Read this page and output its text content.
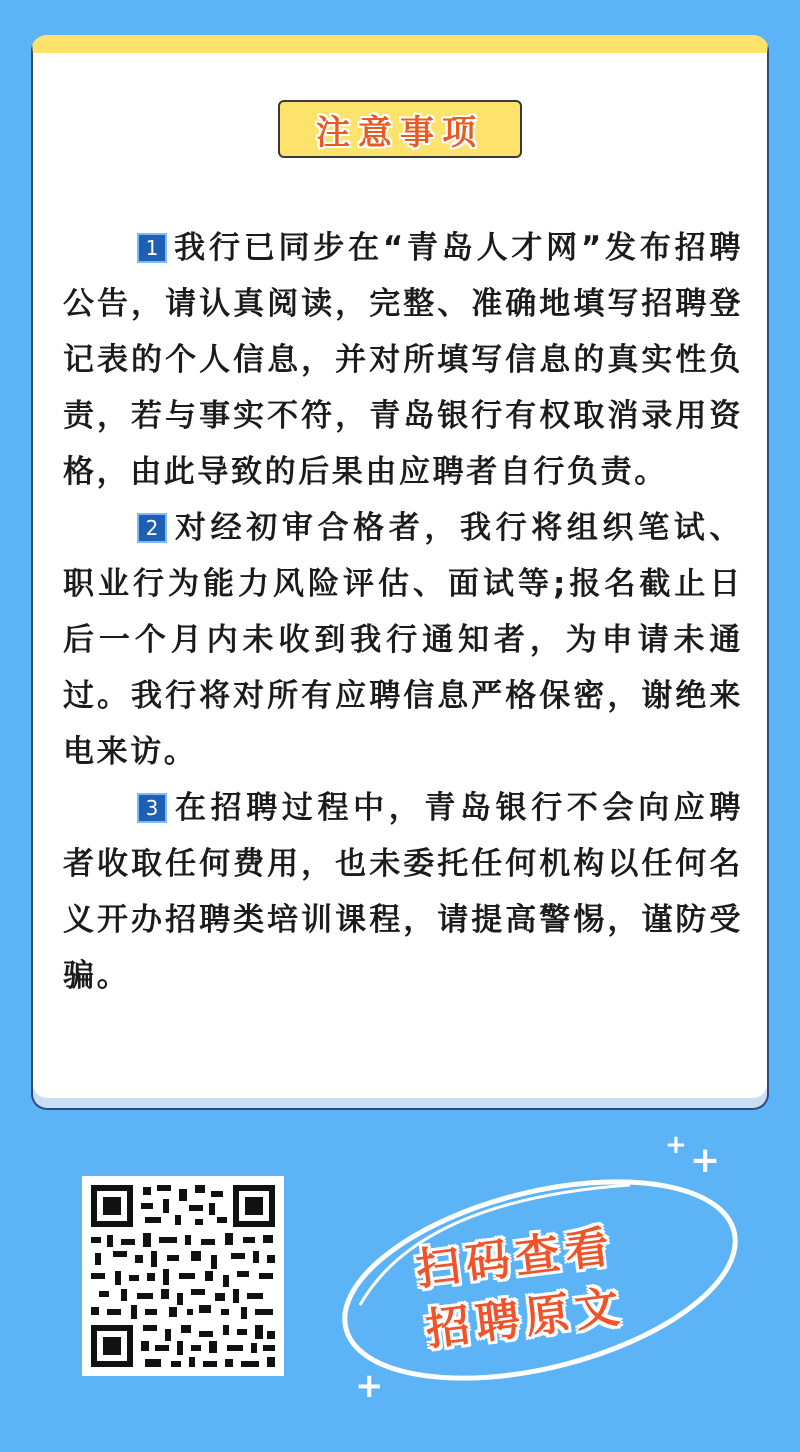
注意事项

1 我行已同步在“青岛人才网”发布招聘公告，请认真阅读，完整、准确地填写招聘登记表的个人信息，并对所填写信息的真实性负责，若与事实不符，青岛银行有权取消录用资格，由此导致的后果由应聘者自行负责。

2 对经初审合格者，我行将组织笔试、职业行为能力风险评估、面试等;报名截止日后一个月内未收到我行通知者，为申请未通过。我行将对所有应聘信息严格保密，谢绝来电来访。

3 在招聘过程中，青岛银行不会向应聘者收取任何费用，也未委托任何机构以任何名义开办招聘类培训课程，请提高警惕，谨防受骗。

+ +
+
扫码查看
招聘原文
